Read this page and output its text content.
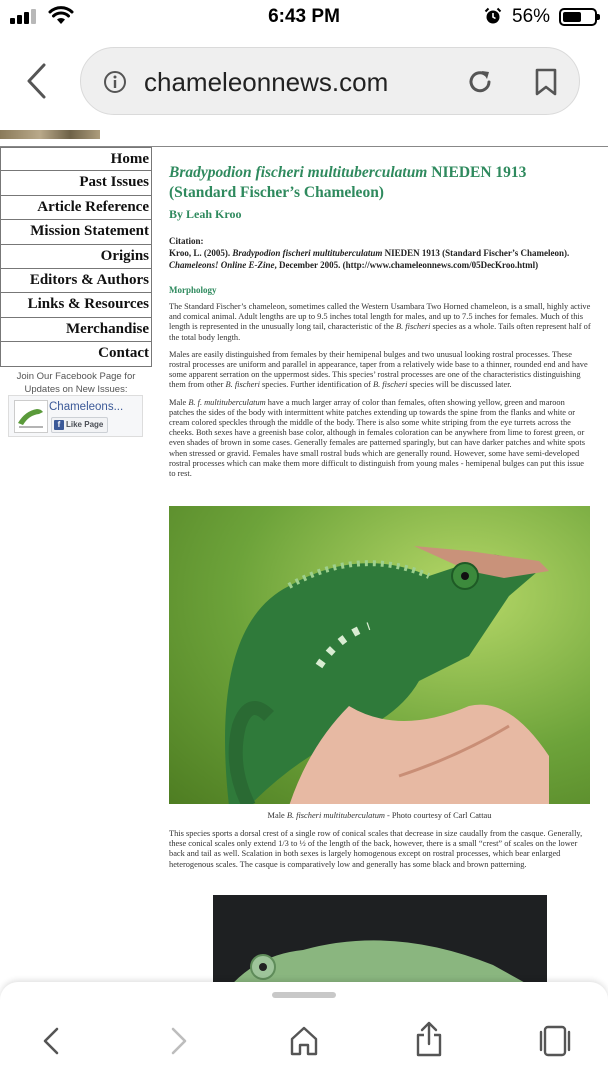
6:43 PM	56%
chameleonnews.com
Home
Past Issues
Article Reference
Mission Statement
Origins
Editors & Authors
Links & Resources
Merchandise
Contact
Join Our Facebook Page for Updates on New Issues:
Chameleons...
f Like Page
Bradypodion fischeri multituberculatum NIEDEN 1913 (Standard Fischer’s Chameleon)
By Leah Kroo
Citation:
Kroo, L. (2005). Bradypodion fischeri multituberculatum NIEDEN 1913 (Standard Fischer’s Chameleon). Chameleons! Online E-Zine, December 2005. (http://www.chameleonnews.com/05DecKroo.html)
Morphology

The Standard Fischer’s chameleon, sometimes called the Western Usambara Two Horned chameleon, is a small, highly active and comical animal. Adult lengths are up to 9.5 inches total length for males, and up to 7.5 inches for females. Much of this length is represented in the unusually long tail, characteristic of the B. fischeri species as a whole. Tails often represent half of the total body length.

Males are easily distinguished from females by their hemipenal bulges and two unusual looking rostral processes. These rostral processes are uniform and parallel in appearance, taper from a relatively wide base to a thinner, rounded end and have some apparent serration on the uppermost sides. This species’ rostral processes are one of the characteristics distinguishing them from other B. fischeri species. Further identification of B. fischeri species will be discussed later.

Male B. f. multituberculatum have a much larger array of color than females, often showing yellow, green and maroon patches the sides of the body with intermittent white patches extending up towards the spine from the flanks and white or cream colored speckles through the middle of the body. There is also some white striping from the eye turrets across the cheeks. Both sexes have a greenish base color, although in females coloration can be anywhere from lime to forest green, or even shades of brown in some cases. Generally females are patterned sparingly, but can have darker patches and white spots when stressed or gravid. Females have small rostral buds which are generally round. However, some have semi-developed rostral processes which can make them more difficult to distinguish from young males - hemipenal bulges can put this issue to rest.

Male B. fischeri multituberculatum - Photo courtesy of Carl Cattau

This species sports a dorsal crest of a single row of conical scales that decrease in size caudally from the casque. Generally, these conical scales only extend 1/3 to ½ of the length of the back, however, there is a small “crest” of scales on the lower back and tail as well. Scalation in both sexes is largely homogenous except on rostral processes, which bear enlarged heterogenous scales. The casque is comparatively low and generally has some black and brown patterning.
